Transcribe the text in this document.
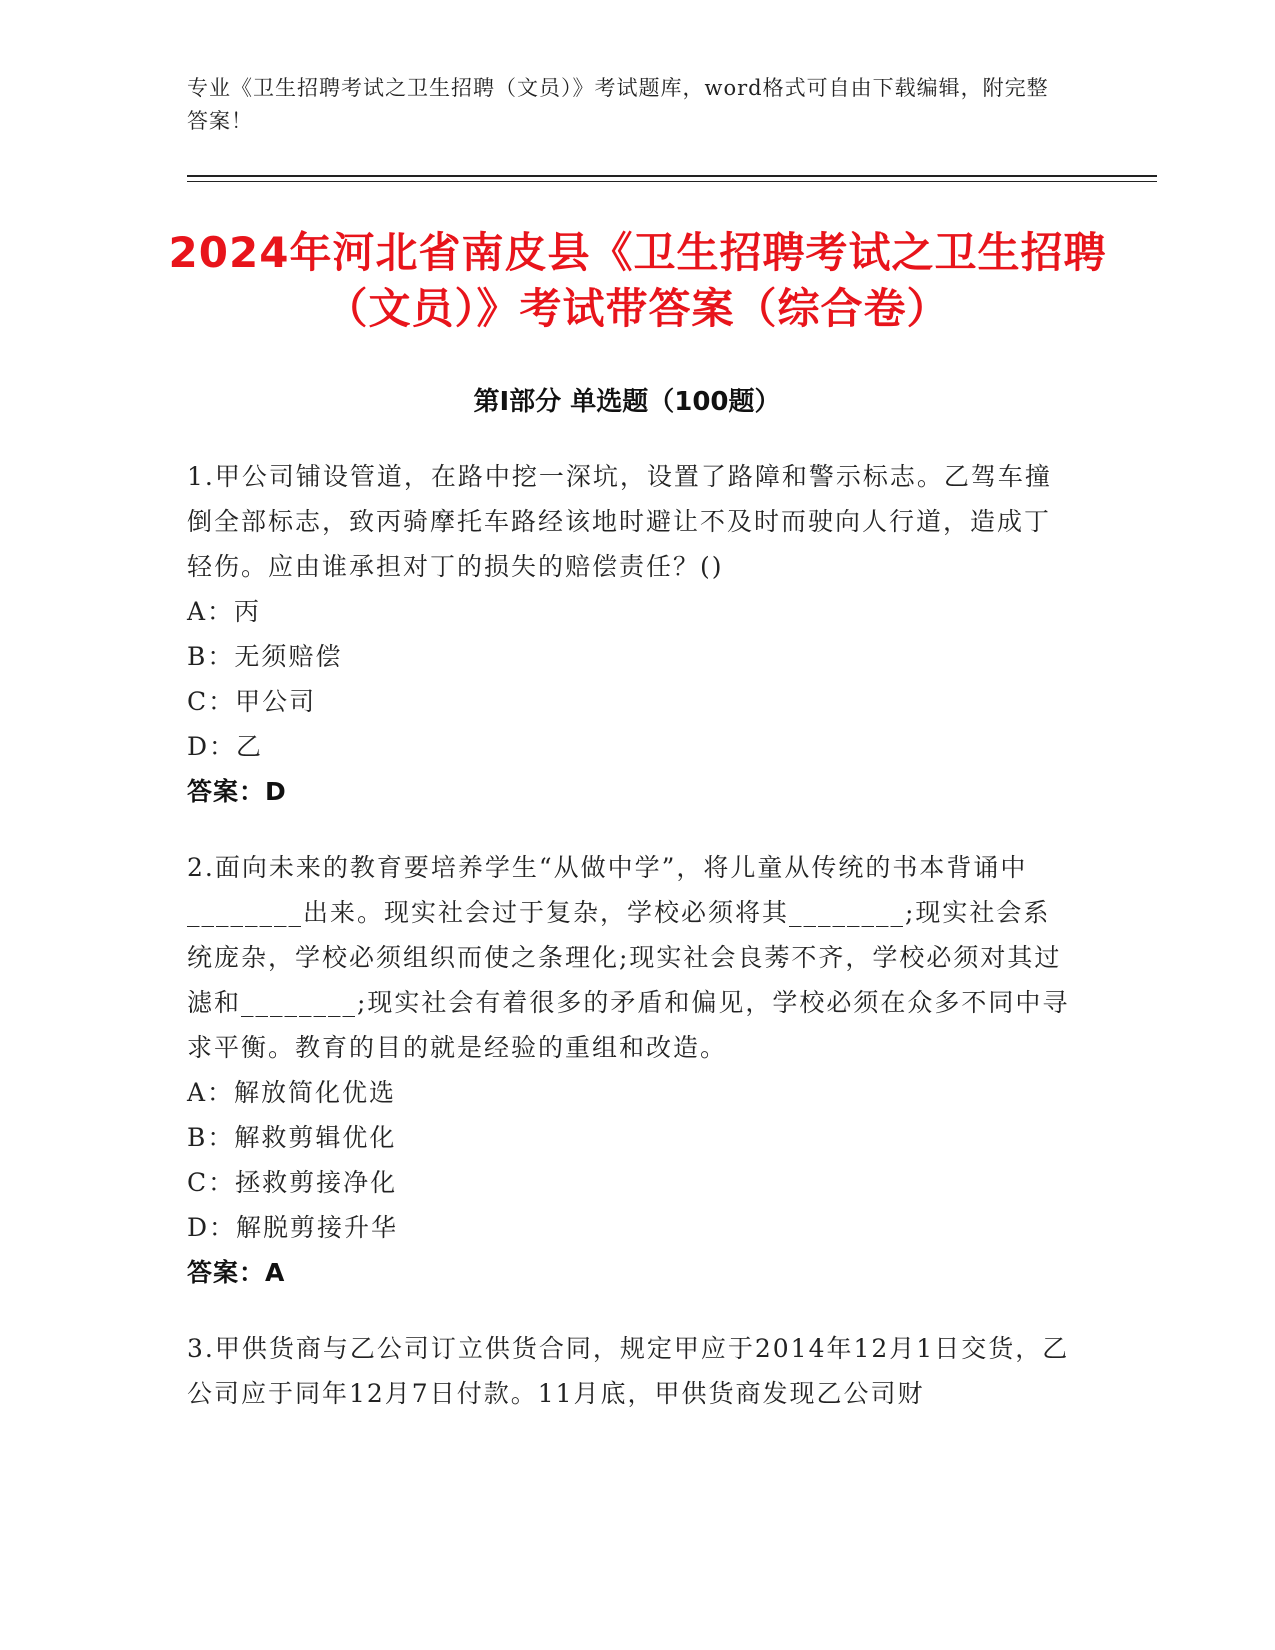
专业《卫生招聘考试之卫生招聘（文员）》考试题库，word格式可自由下载编辑，附完整答案！
2024年河北省南皮县《卫生招聘考试之卫生招聘（文员）》考试带答案（综合卷）
第Ⅰ部分 单选题（100题）

1.甲公司铺设管道，在路中挖一深坑，设置了路障和警示标志。乙驾车撞倒全部标志，致丙骑摩托车路经该地时避让不及时而驶向人行道，造成丁轻伤。应由谁承担对丁的损失的赔偿责任？()

A：丙

B：无须赔偿

C：甲公司

D：乙

答案：D

2.面向未来的教育要培养学生“从做中学”，将儿童从传统的书本背诵中________出来。现实社会过于复杂，学校必须将其________;现实社会系统庞杂，学校必须组织而使之条理化;现实社会良莠不齐，学校必须对其过滤和________;现实社会有着很多的矛盾和偏见，学校必须在众多不同中寻求平衡。教育的目的就是经验的重组和改造。

A：解放简化优选

B：解救剪辑优化

C：拯救剪接净化

D：解脱剪接升华

答案：A

3.甲供货商与乙公司订立供货合同，规定甲应于2014年12月1日交货，乙公司应于同年12月7日付款。11月底，甲供货商发现乙公司财
